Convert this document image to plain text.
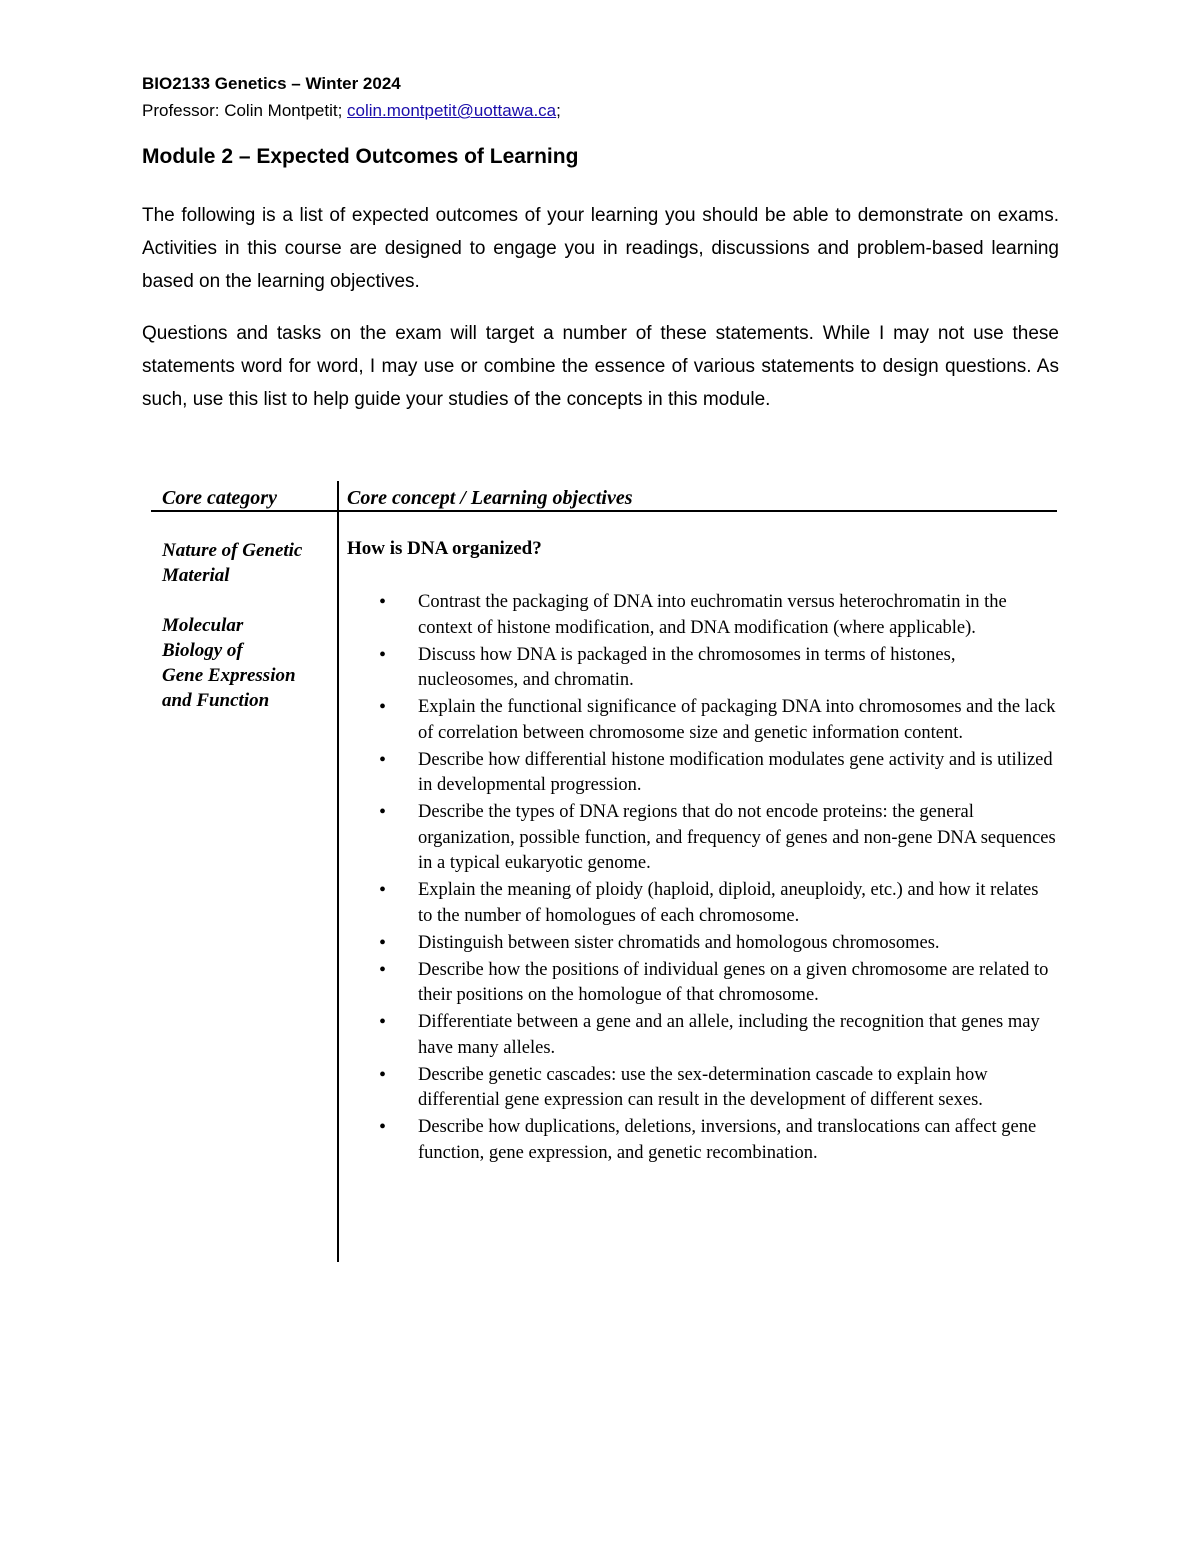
BIO2133 Genetics – Winter 2024
Professor: Colin Montpetit; colin.montpetit@uottawa.ca;
Module 2 – Expected Outcomes of Learning

The following is a list of expected outcomes of your learning you should be able to demonstrate on exams. Activities in this course are designed to engage you in readings, discussions and problem-based learning based on the learning objectives.

Questions and tasks on the exam will target a number of these statements. While I may not use these statements word for word, I may use or combine the essence of various statements to design questions. As such, use this list to help guide your studies of the concepts in this module.

Core category	Core concept / Learning objectives
Nature of Genetic
Material
Molecular
Biology of
Gene Expression
and Function
How is DNA organized?
• Contrast the packaging of DNA into euchromatin versus heterochromatin in the context of histone modification, and DNA modification (where applicable).
• Discuss how DNA is packaged in the chromosomes in terms of histones, nucleosomes, and chromatin.
• Explain the functional significance of packaging DNA into chromosomes and the lack of correlation between chromosome size and genetic information content.
• Describe how differential histone modification modulates gene activity and is utilized in developmental progression.
• Describe the types of DNA regions that do not encode proteins: the general organization, possible function, and frequency of genes and non-gene DNA sequences in a typical eukaryotic genome.
• Explain the meaning of ploidy (haploid, diploid, aneuploidy, etc.) and how it relates to the number of homologues of each chromosome.
• Distinguish between sister chromatids and homologous chromosomes.
• Describe how the positions of individual genes on a given chromosome are related to their positions on the homologue of that chromosome.
• Differentiate between a gene and an allele, including the recognition that genes may have many alleles.
• Describe genetic cascades: use the sex-determination cascade to explain how differential gene expression can result in the development of different sexes.
• Describe how duplications, deletions, inversions, and translocations can affect gene function, gene expression, and genetic recombination.
